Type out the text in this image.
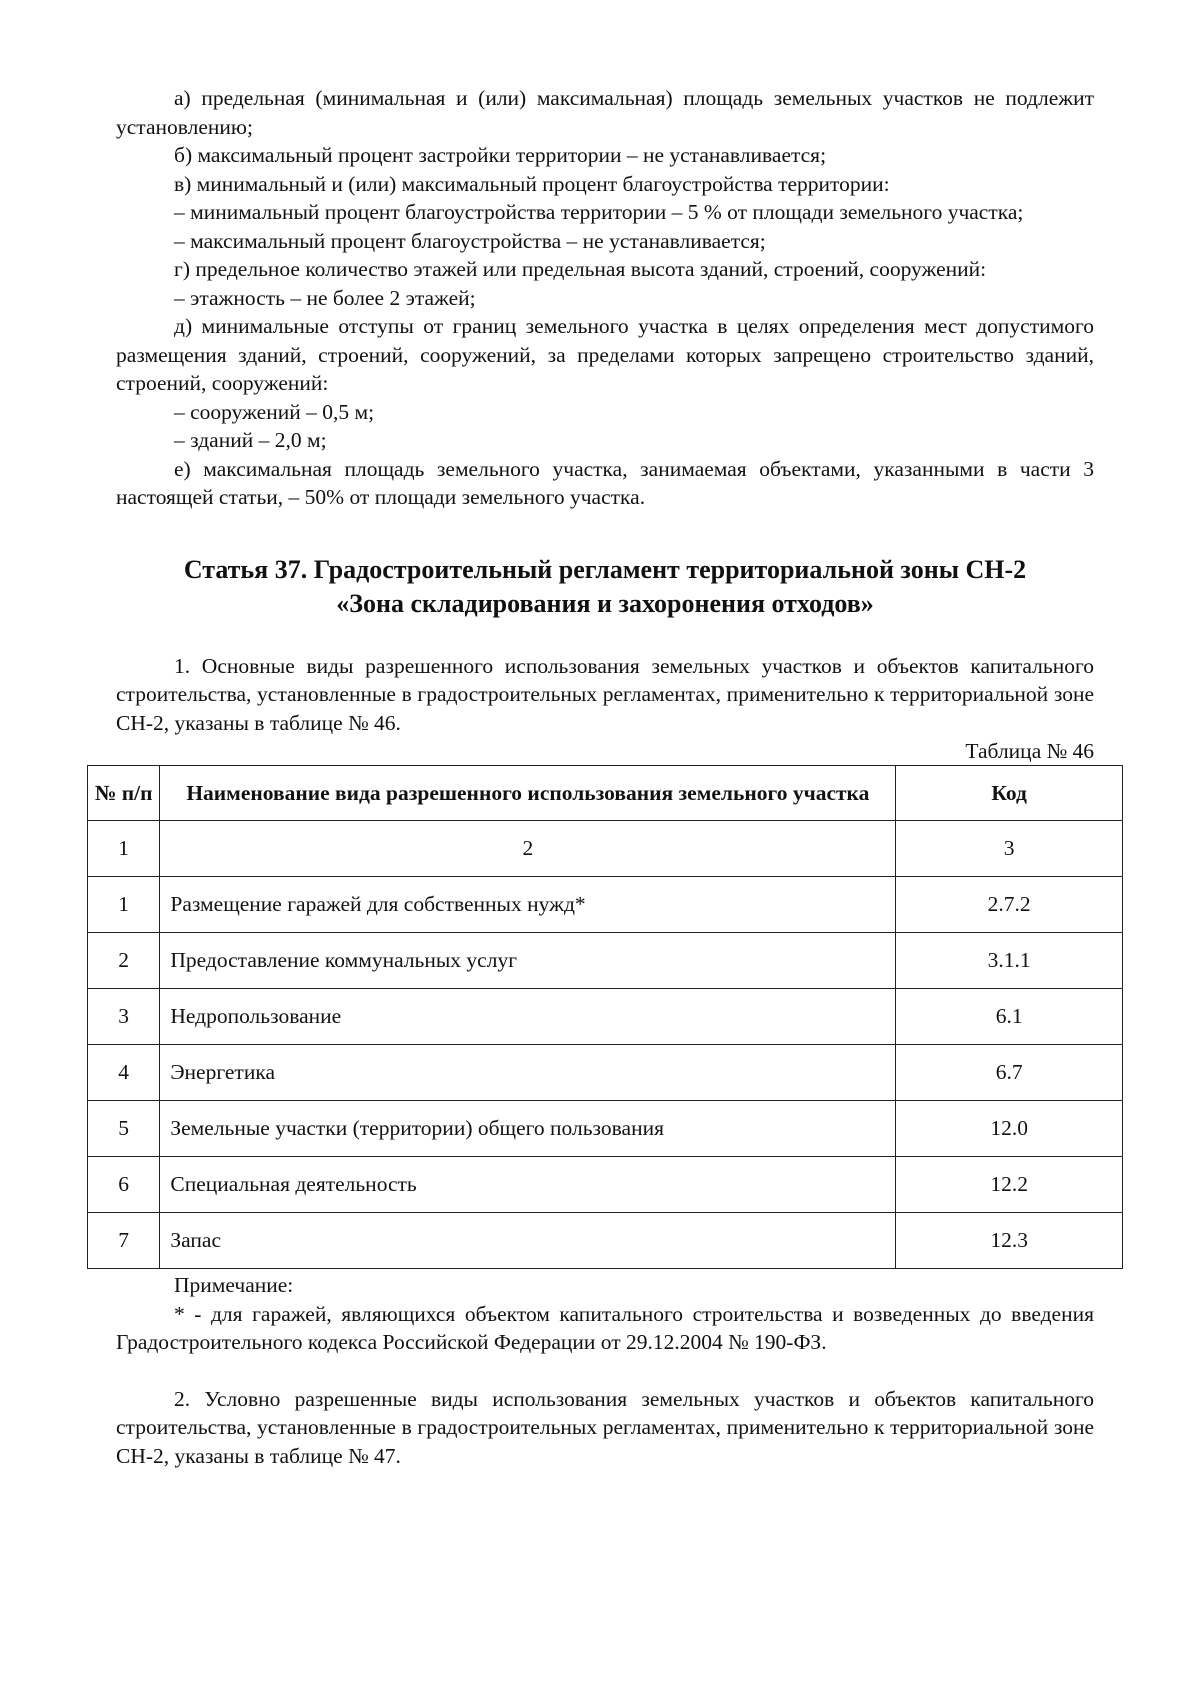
а) предельная (минимальная и (или) максимальная) площадь земельных участков не подлежит установлению;

б) максимальный процент застройки территории – не устанавливается;

в) минимальный и (или) максимальный процент благоустройства территории:

– минимальный процент благоустройства территории – 5 % от площади земельного участка;

– максимальный процент благоустройства – не устанавливается;

г) предельное количество этажей или предельная высота зданий, строений, сооружений:

– этажность – не более 2 этажей;

д) минимальные отступы от границ земельного участка в целях определения мест допустимого размещения зданий, строений, сооружений, за пределами которых запрещено строительство зданий, строений, сооружений:

– сооружений – 0,5 м;

– зданий – 2,0 м;

е) максимальная площадь земельного участка, занимаемая объектами, указанными в части 3 настоящей статьи, – 50% от площади земельного участка.

Статья 37. Градостроительный регламент территориальной зоны СН-2
«Зона складирования и захоронения отходов»

1. Основные виды разрешенного использования земельных участков и объектов капитального строительства, установленные в градостроительных регламентах, применительно к территориальной зоне СН-2, указаны в таблице № 46.

Таблица № 46

№ п/п	Наименование вида разрешенного использования земельного участка	Код
1	2	3
1	Размещение гаражей для собственных нужд*	2.7.2
2	Предоставление коммунальных услуг	3.1.1
3	Недропользование	6.1
4	Энергетика	6.7
5	Земельные участки (территории) общего пользования	12.0
6	Специальная деятельность	12.2
7	Запас	12.3

Примечание:

* - для гаражей, являющихся объектом капитального строительства и возведенных до введения Градостроительного кодекса Российской Федерации от 29.12.2004 № 190-ФЗ.

2. Условно разрешенные виды использования земельных участков и объектов капитального строительства, установленные в градостроительных регламентах, применительно к территориальной зоне СН-2, указаны в таблице № 47.
